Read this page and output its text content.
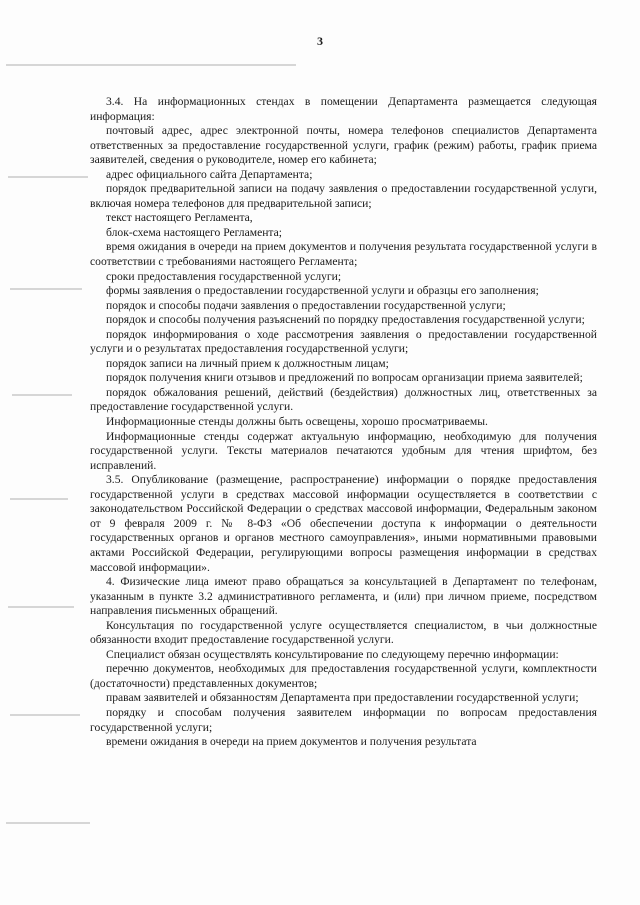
3

3.4. На информационных стендах в помещении Департамента размещается следующая информация:

почтовый адрес, адрес электронной почты, номера телефонов специалистов Департамента ответственных за предоставление государственной услуги, график (режим) работы, график приема заявителей, сведения о руководителе, номер его кабинета;

адрес официального сайта Департамента;

порядок предварительной записи на подачу заявления о предоставлении государственной услуги, включая номера телефонов для предварительной записи;

текст настоящего Регламента,

блок-схема настоящего Регламента;

время ожидания в очереди на прием документов и получения результата государственной услуги в соответствии с требованиями настоящего Регламента;

сроки предоставления государственной услуги;

формы заявления о предоставлении государственной услуги и образцы его заполнения;

порядок и способы подачи заявления о предоставлении государственной услуги;

порядок и способы получения разъяснений по порядку предоставления государственной услуги;

порядок информирования о ходе рассмотрения заявления о предоставлении государственной услуги и о результатах предоставления государственной услуги;

порядок записи на личный прием к должностным лицам;

порядок получения книги отзывов и предложений по вопросам организации приема заявителей;

порядок обжалования решений, действий (бездействия) должностных лиц, ответственных за предоставление государственной услуги.

Информационные стенды должны быть освещены, хорошо просматриваемы.

Информационные стенды содержат актуальную информацию, необходимую для получения государственной услуги. Тексты материалов печатаются удобным для чтения шрифтом, без исправлений.

3.5. Опубликование (размещение, распространение) информации о порядке предоставления государственной услуги в средствах массовой информации осуществляется в соответствии с законодательством Российской Федерации о средствах массовой информации, Федеральным законом от 9 февраля 2009 г. № 8-ФЗ «Об обеспечении доступа к информации о деятельности государственных органов и органов местного самоуправления», иными нормативными правовыми актами Российской Федерации, регулирующими вопросы размещения информации в средствах массовой информации».

4. Физические лица имеют право обращаться за консультацией в Департамент по телефонам, указанным в пункте 3.2 административного регламента, и (или) при личном приеме, посредством направления письменных обращений.

Консультация по государственной услуге осуществляется специалистом, в чьи должностные обязанности входит предоставление государственной услуги.

Специалист обязан осуществлять консультирование по следующему перечню информации:

перечню документов, необходимых для предоставления государственной услуги, комплектности (достаточности) представленных документов;

правам заявителей и обязанностям Департамента при предоставлении государственной услуги;

порядку и способам получения заявителем информации по вопросам предоставления государственной услуги;

времени ожидания в очереди на прием документов и получения результата
